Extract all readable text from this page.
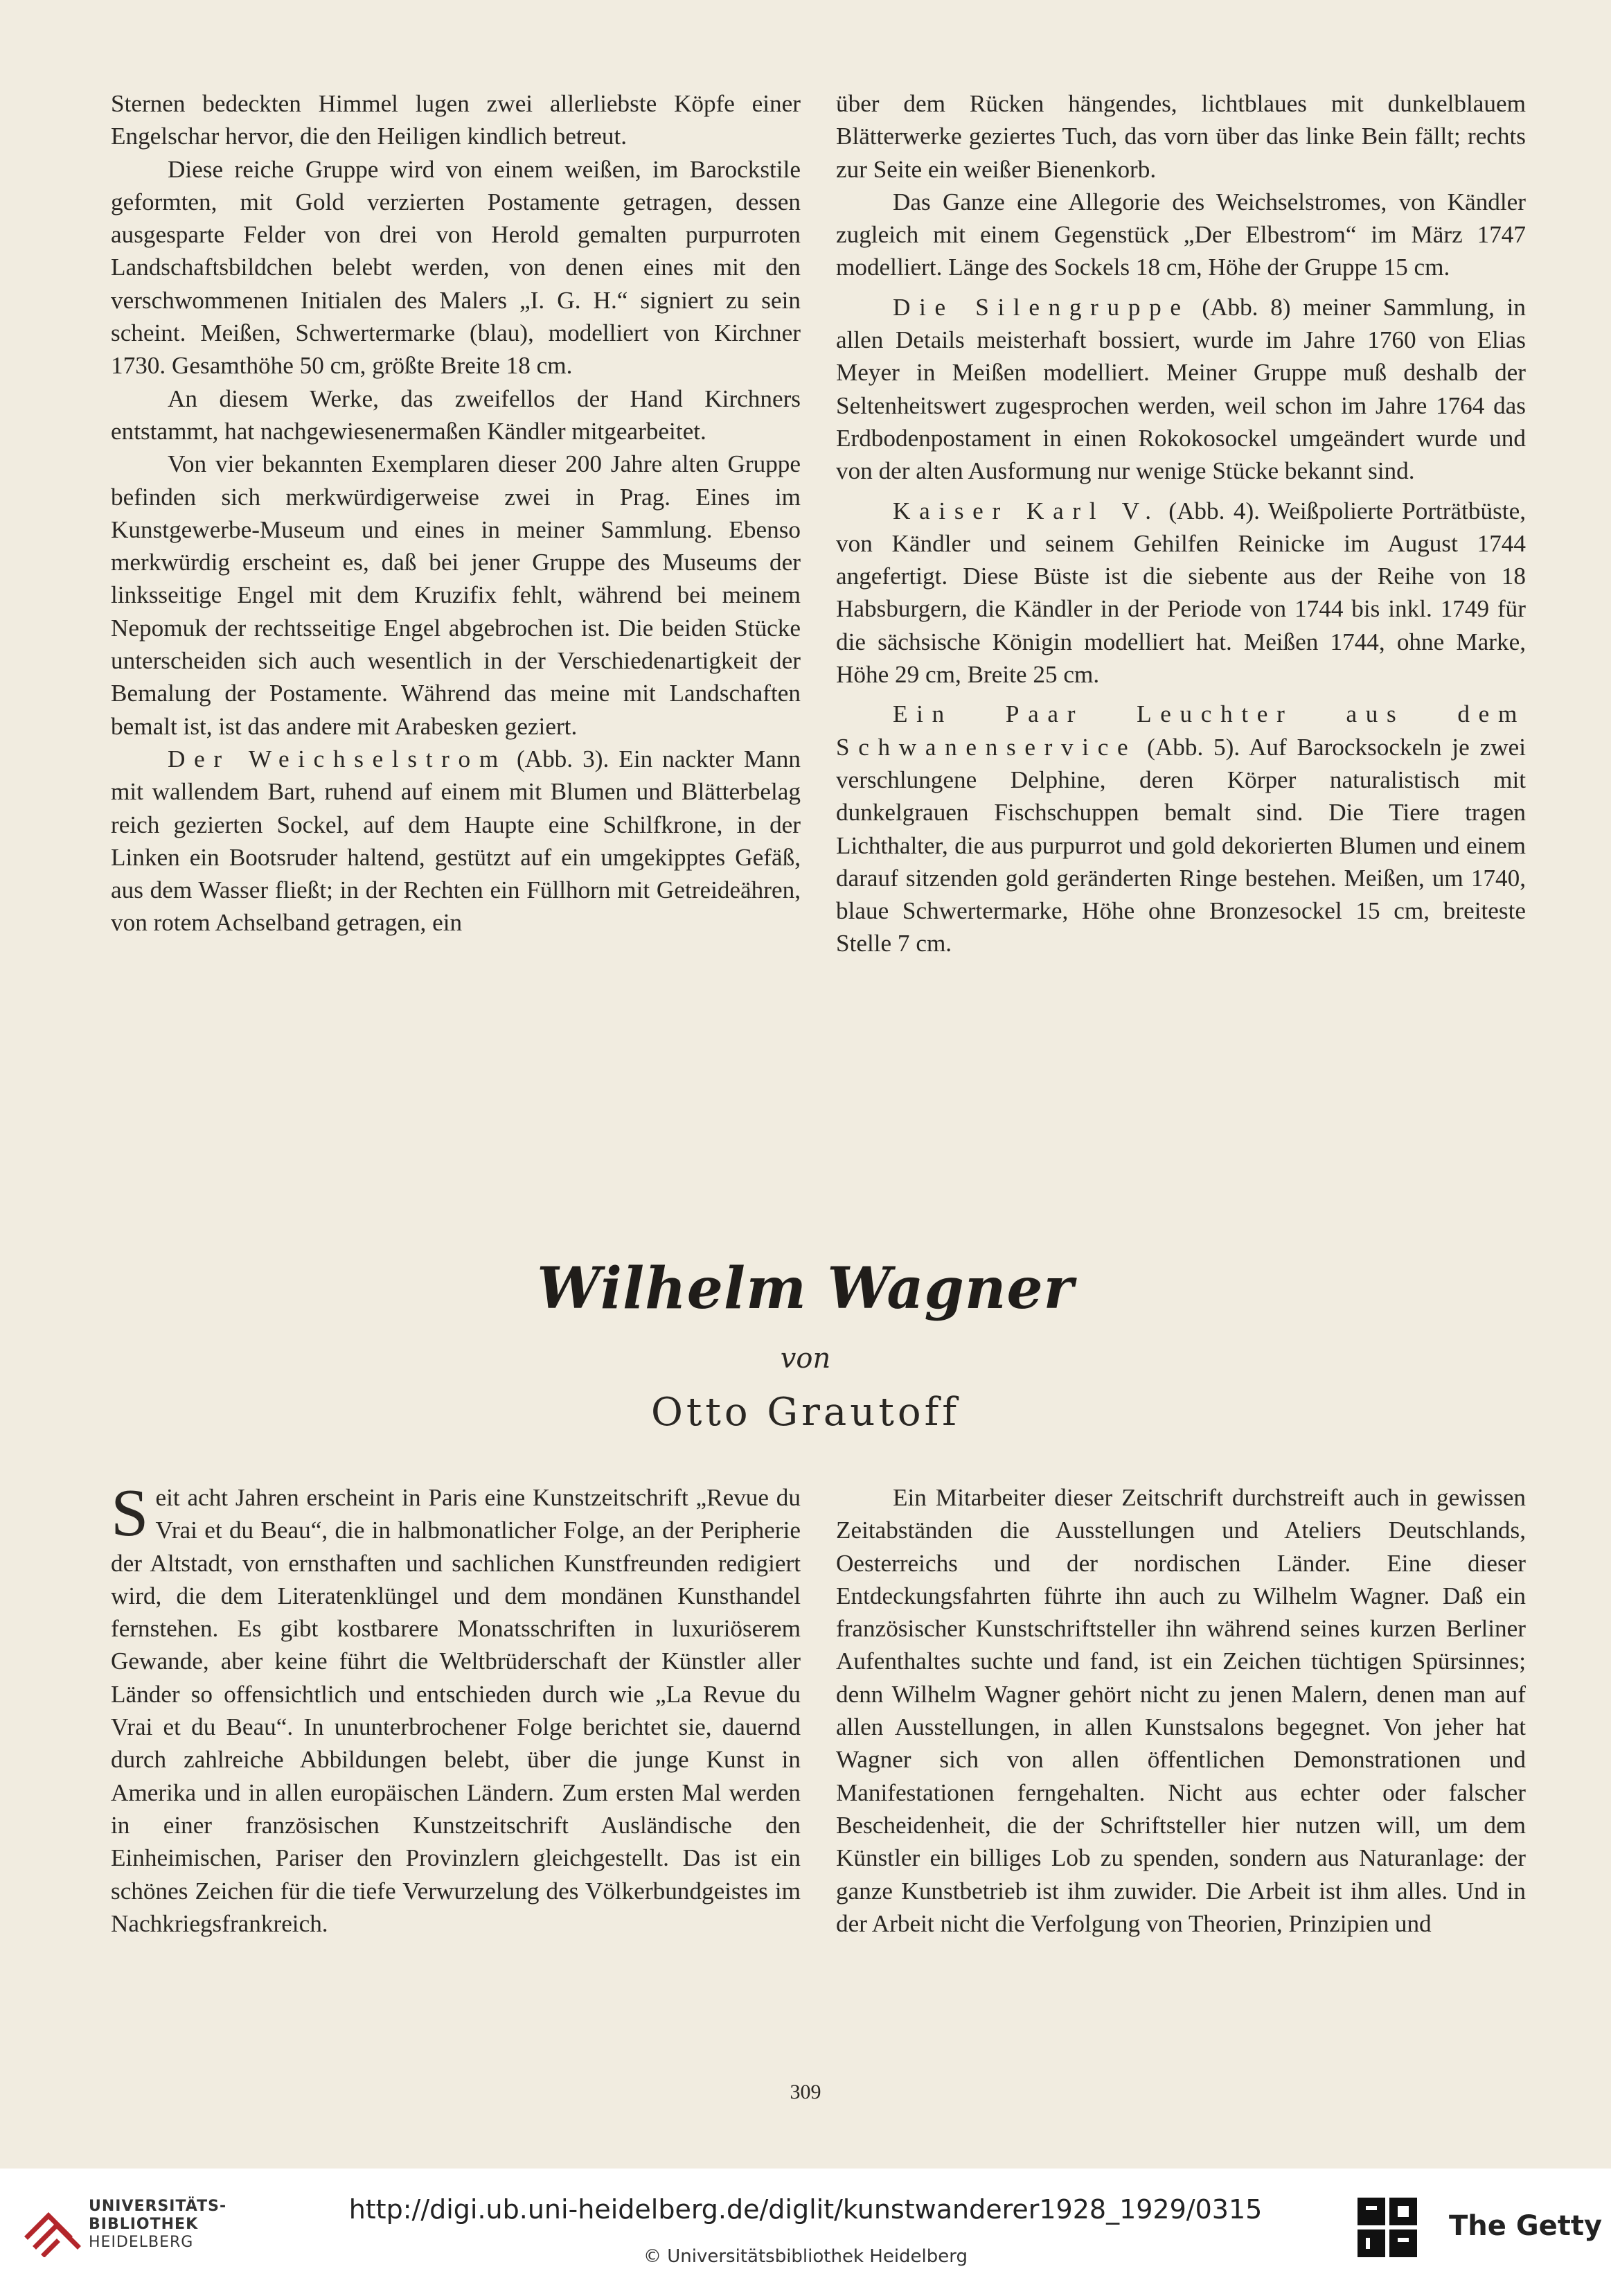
Sternen bedeckten Himmel lugen zwei allerliebste Köpfe einer Engelschar hervor, die den Heiligen kindlich betreut.

Diese reiche Gruppe wird von einem weißen, im Barockstile geformten, mit Gold verzierten Postamente getragen, dessen ausgesparte Felder von drei von Herold gemalten purpurroten Landschaftsbildchen belebt werden, von denen eines mit den verschwommenen Initialen des Malers „I. G. H.“ signiert zu sein scheint. Meißen, Schwertermarke (blau), modelliert von Kirchner 1730. Gesamthöhe 50 cm, größte Breite 18 cm.

An diesem Werke, das zweifellos der Hand Kirchners entstammt, hat nachgewiesenermaßen Kändler mitgearbeitet.

Von vier bekannten Exemplaren dieser 200 Jahre alten Gruppe befinden sich merkwürdigerweise zwei in Prag. Eines im Kunstgewerbe-Museum und eines in meiner Sammlung. Ebenso merkwürdig erscheint es, daß bei jener Gruppe des Museums der linksseitige Engel mit dem Kruzifix fehlt, während bei meinem Nepomuk der rechtsseitige Engel abgebrochen ist. Die beiden Stücke unterscheiden sich auch wesentlich in der Verschiedenartigkeit der Bemalung der Postamente. Während das meine mit Landschaften bemalt ist, ist das andere mit Arabesken geziert.

Der Weichselstrom (Abb. 3). Ein nackter Mann mit wallendem Bart, ruhend auf einem mit Blumen und Blätterbelag reich gezierten Sockel, auf dem Haupte eine Schilfkrone, in der Linken ein Bootsruder haltend, gestützt auf ein umgekipptes Gefäß, aus dem Wasser fließt; in der Rechten ein Füllhorn mit Getreideähren, von rotem Achselband getragen, ein

über dem Rücken hängendes, lichtblaues mit dunkelblauem Blätterwerke geziertes Tuch, das vorn über das linke Bein fällt; rechts zur Seite ein weißer Bienenkorb.

Das Ganze eine Allegorie des Weichselstromes, von Kändler zugleich mit einem Gegenstück „Der Elbestrom“ im März 1747 modelliert. Länge des Sockels 18 cm, Höhe der Gruppe 15 cm.

Die Silengruppe (Abb. 8) meiner Sammlung, in allen Details meisterhaft bossiert, wurde im Jahre 1760 von Elias Meyer in Meißen modelliert. Meiner Gruppe muß deshalb der Seltenheitswert zugesprochen werden, weil schon im Jahre 1764 das Erdbodenpostament in einen Rokokosockel umgeändert wurde und von der alten Ausformung nur wenige Stücke bekannt sind.

Kaiser Karl V. (Abb. 4). Weißpolierte Porträtbüste, von Kändler und seinem Gehilfen Reinicke im August 1744 angefertigt. Diese Büste ist die siebente aus der Reihe von 18 Habsburgern, die Kändler in der Periode von 1744 bis inkl. 1749 für die sächsische Königin modelliert hat. Meißen 1744, ohne Marke, Höhe 29 cm, Breite 25 cm.

Ein Paar Leuchter aus dem Schwanenservice (Abb. 5). Auf Barocksockeln je zwei verschlungene Delphine, deren Körper naturalistisch mit dunkelgrauen Fischschuppen bemalt sind. Die Tiere tragen Lichthalter, die aus purpurrot und gold dekorierten Blumen und einem darauf sitzenden gold geränderten Ringe bestehen. Meißen, um 1740, blaue Schwertermarke, Höhe ohne Bronzesockel 15 cm, breiteste Stelle 7 cm.

Wilhelm Wagner
von
Otto Grautoff

Seit acht Jahren erscheint in Paris eine Kunstzeitschrift „Revue du Vrai et du Beau“, die in halbmonatlicher Folge, an der Peripherie der Altstadt, von ernsthaften und sachlichen Kunstfreunden redigiert wird, die dem Literatenklüngel und dem mondänen Kunsthandel fernstehen. Es gibt kostbarere Monatsschriften in luxuriöserem Gewande, aber keine führt die Weltbrüderschaft der Künstler aller Länder so offensichtlich und entschieden durch wie „La Revue du Vrai et du Beau“. In ununterbrochener Folge berichtet sie, dauernd durch zahlreiche Abbildungen belebt, über die junge Kunst in Amerika und in allen europäischen Ländern. Zum ersten Mal werden in einer französischen Kunstzeitschrift Ausländische den Einheimischen, Pariser den Provinzlern gleichgestellt. Das ist ein schönes Zeichen für die tiefe Verwurzelung des Völkerbundgeistes im Nachkriegsfrankreich.

Ein Mitarbeiter dieser Zeitschrift durchstreift auch in gewissen Zeitabständen die Ausstellungen und Ateliers Deutschlands, Oesterreichs und der nordischen Länder. Eine dieser Entdeckungsfahrten führte ihn auch zu Wilhelm Wagner. Daß ein französischer Kunstschriftsteller ihn während seines kurzen Berliner Aufenthaltes suchte und fand, ist ein Zeichen tüchtigen Spürsinnes; denn Wilhelm Wagner gehört nicht zu jenen Malern, denen man auf allen Ausstellungen, in allen Kunstsalons begegnet. Von jeher hat Wagner sich von allen öffentlichen Demonstrationen und Manifestationen ferngehalten. Nicht aus echter oder falscher Bescheidenheit, die der Schriftsteller hier nutzen will, um dem Künstler ein billiges Lob zu spenden, sondern aus Naturanlage: der ganze Kunstbetrieb ist ihm zuwider. Die Arbeit ist ihm alles. Und in der Arbeit nicht die Verfolgung von Theorien, Prinzipien und

309
UNIVERSITÄTS-
BIBLIOTHEK
HEIDELBERG
http://digi.ub.uni-heidelberg.de/diglit/kunstwanderer1928_1929/0315
© Universitätsbibliothek Heidelberg
The Getty
